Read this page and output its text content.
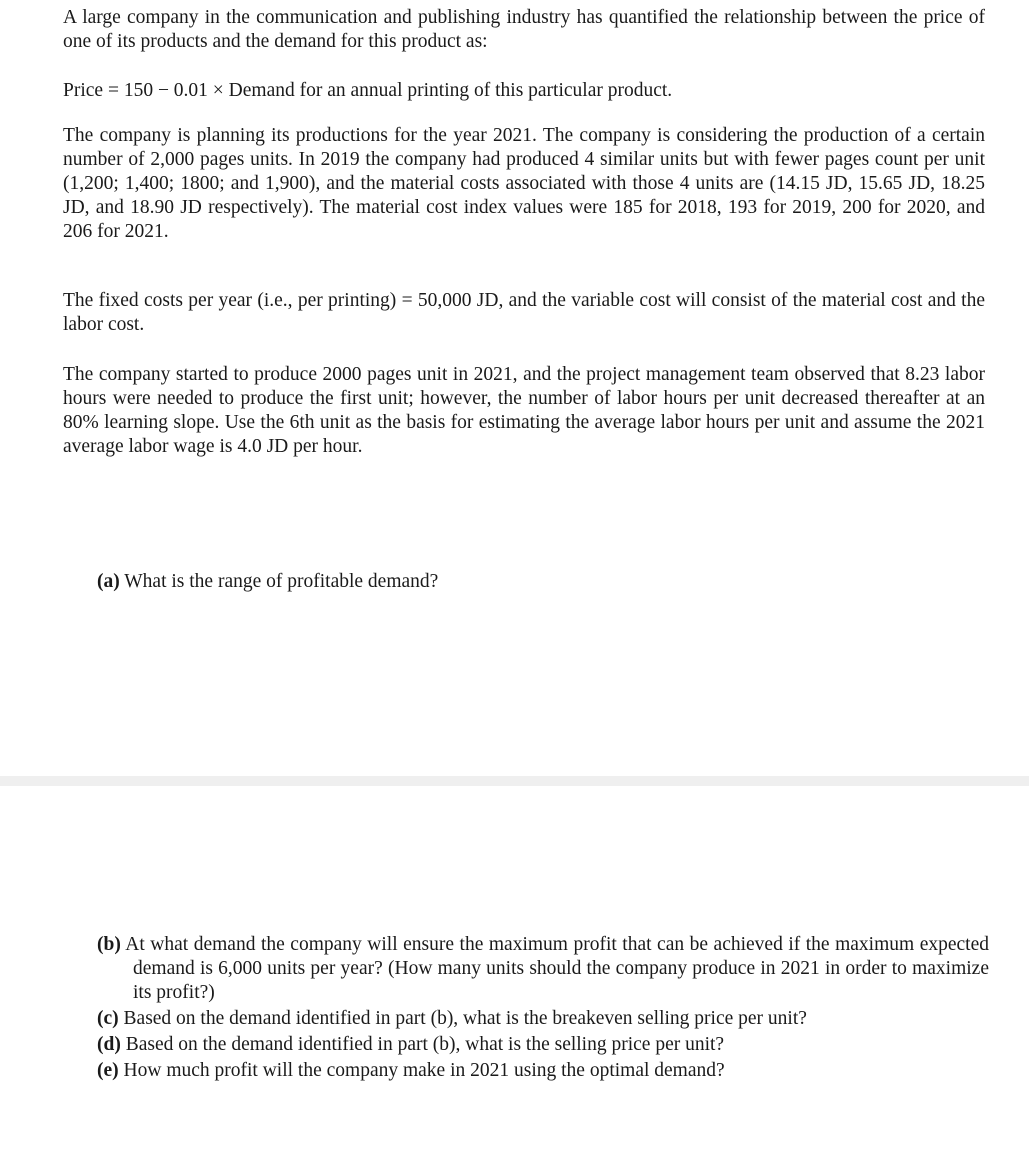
A large company in the communication and publishing industry has quantified the relationship between the price of one of its products and the demand for this product as:

Price = 150 − 0.01 × Demand for an annual printing of this particular product.

The company is planning its productions for the year 2021. The company is considering the production of a certain number of 2,000 pages units. In 2019 the company had produced 4 similar units but with fewer pages count per unit (1,200; 1,400; 1800; and 1,900), and the material costs associated with those 4 units are (14.15 JD, 15.65 JD, 18.25 JD, and 18.90 JD respectively). The material cost index values were 185 for 2018, 193 for 2019, 200 for 2020, and 206 for 2021.

The fixed costs per year (i.e., per printing) = 50,000 JD, and the variable cost will consist of the material cost and the labor cost.

The company started to produce 2000 pages unit in 2021, and the project management team observed that 8.23 labor hours were needed to produce the first unit; however, the number of labor hours per unit decreased thereafter at an 80% learning slope. Use the 6th unit as the basis for estimating the average labor hours per unit and assume the 2021 average labor wage is 4.0 JD per hour.

(a) What is the range of profitable demand?

(b) At what demand the company will ensure the maximum profit that can be achieved if the maximum expected demand is 6,000 units per year? (How many units should the company produce in 2021 in order to maximize its profit?)
(c) Based on the demand identified in part (b), what is the breakeven selling price per unit?
(d) Based on the demand identified in part (b), what is the selling price per unit?
(e) How much profit will the company make in 2021 using the optimal demand?
